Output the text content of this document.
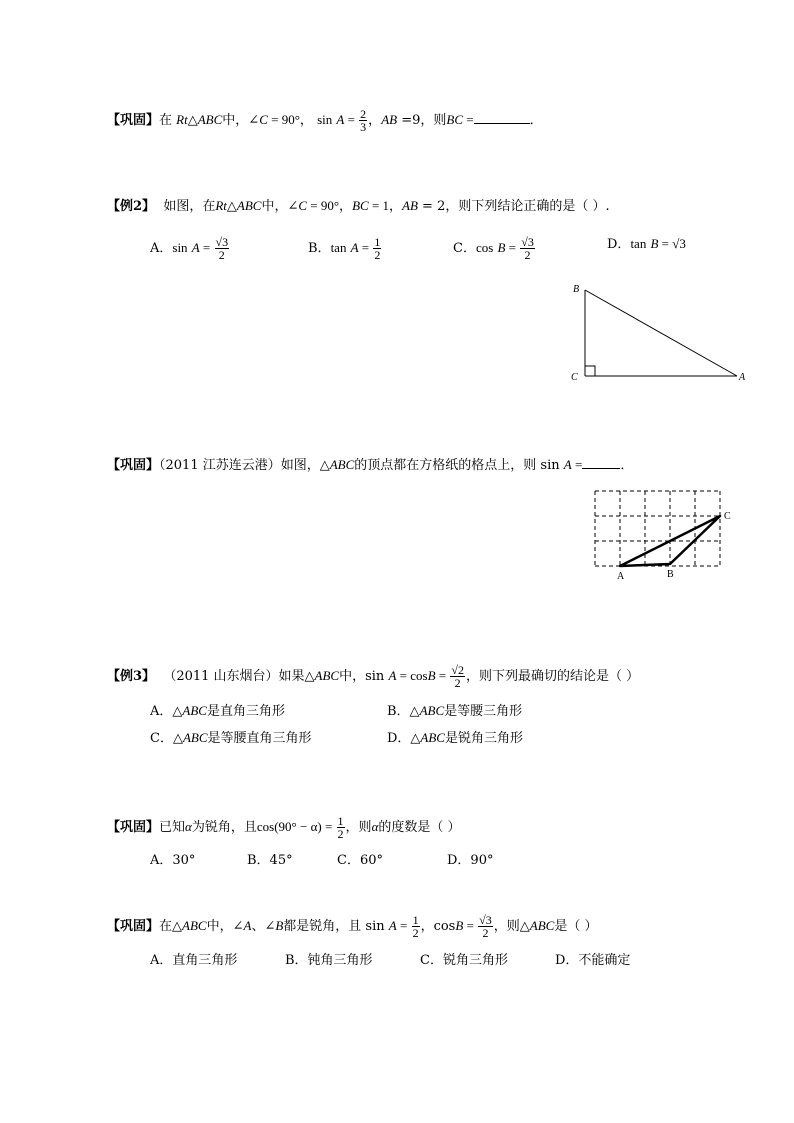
【巩固】在 Rt△ABC中，∠C = 90°， $\sin A = \frac{2}{3}$ ，AB =9，则BC =	．
【例2】 如图，在Rt△ABC中，∠C = 90°，BC = 1，AB = 2，则下列结论正确的是（ ）.
A．$\sin A = \frac{√3}{2}$	B．$\tan A = \frac{1}{2}$	C．$\cos B = \frac{√3}{2}$	D．tan B = √3
B
C	A
【巩固】（2011 江苏连云港）如图，△ABC的顶点都在方格纸的格点上，则 sin A =	．
A	B
C
【例3】 （2011 山东烟台）如果△ABC中，$\sin A = \cos B = \frac{√2}{2}$ ，则下列最确切的结论是（ ）
A．△ABC是直角三角形	B．△ABC是等腰三角形
C．△ABC是等腰直角三角形	D．△ABC是锐角三角形
【巩固】已知α为锐角，且$\cos(90^\circ - \alpha) = \frac{1}{2}$ ，则α的度数是（ ）
A．30°	B．45°	C．60°	D．90°
【巩固】在△ABC中，∠A、∠B都是锐角，且 $\sin A = \frac{1}{2}$ ，$\cos B = \frac{√3}{2}$ ，则△ABC是（ ）
A．直角三角形	B．钝角三角形	C．锐角三角形	D．不能确定
